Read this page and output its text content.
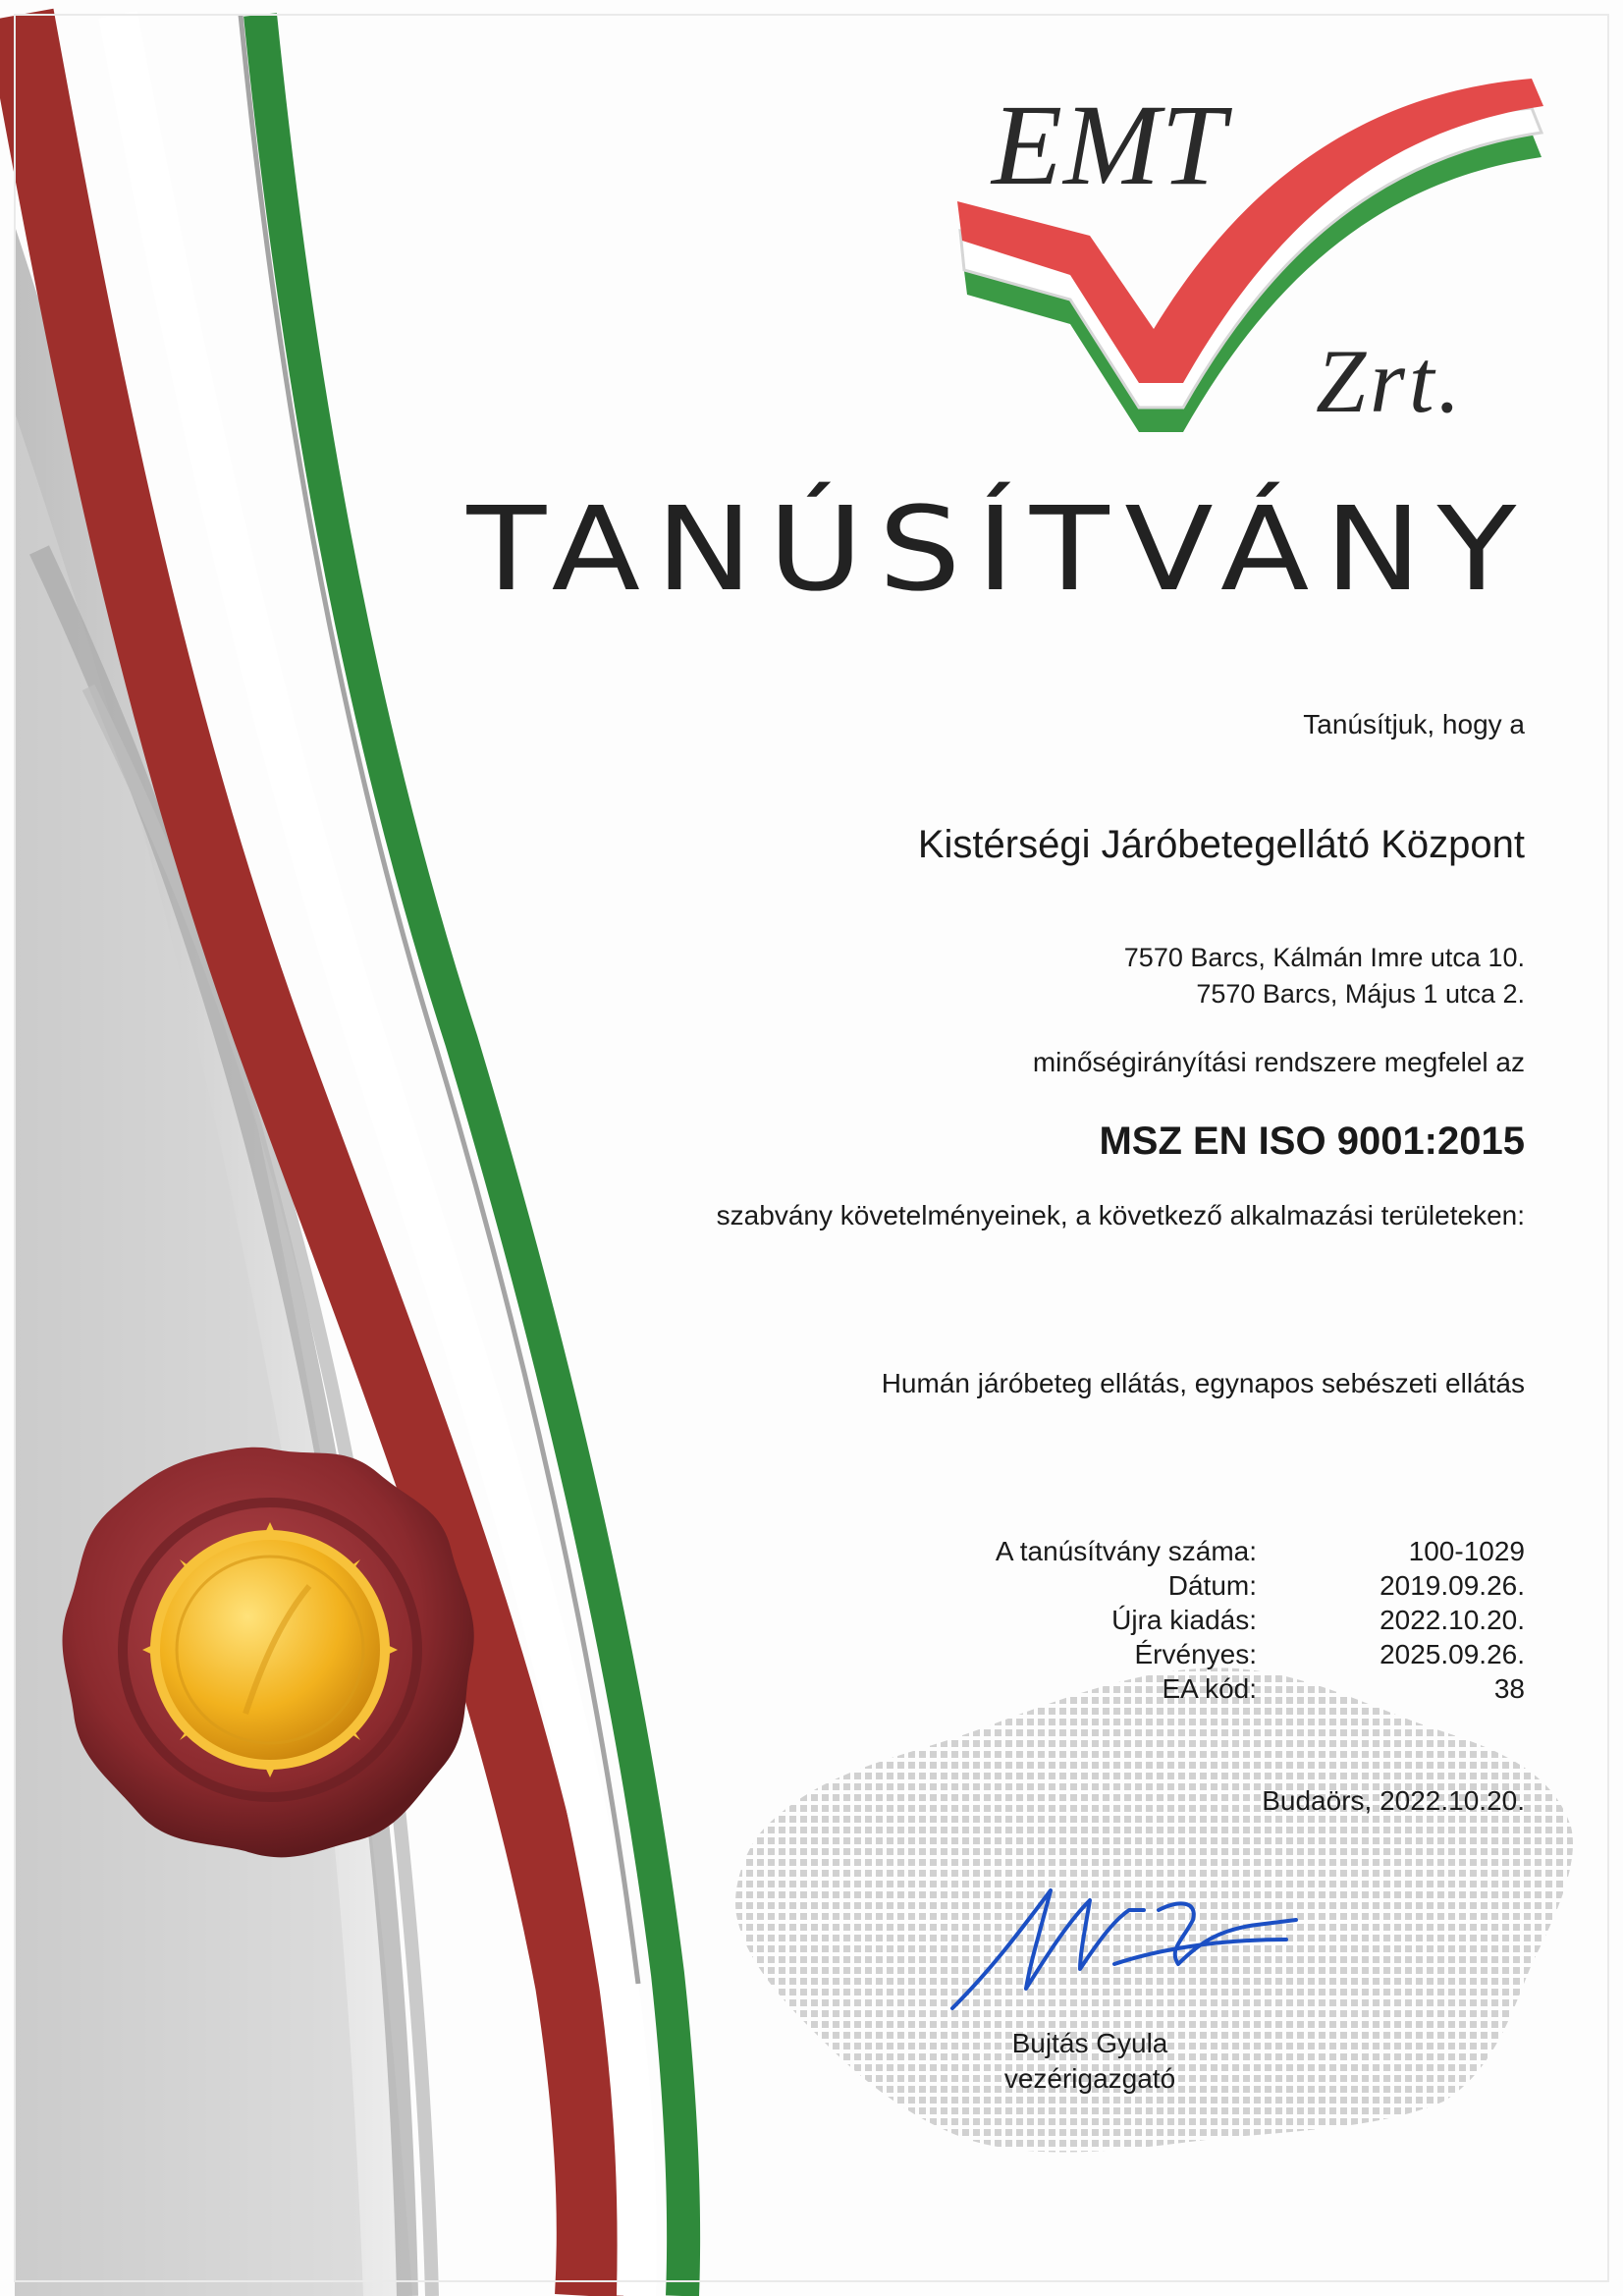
EMT
Zrt.
TANÚSÍTVÁNY
Tanúsítjuk, hogy a
Kistérségi Járóbetegellátó Központ
7570 Barcs, Kálmán Imre utca 10.
7570 Barcs, Május 1 utca 2.
minőségirányítási rendszere megfelel az
MSZ EN ISO 9001:2015
szabvány követelményeinek, a következő alkalmazási területeken:
Humán járóbeteg ellátás, egynapos sebészeti ellátás
A tanúsítvány száma:
Dátum:
Újra kiadás:
Érvényes:
EA kód:
100-1029
2019.09.26.
2022.10.20.
2025.09.26.
38
Budaörs, 2022.10.20.
Bujtás Gyula
vezérigazgató
